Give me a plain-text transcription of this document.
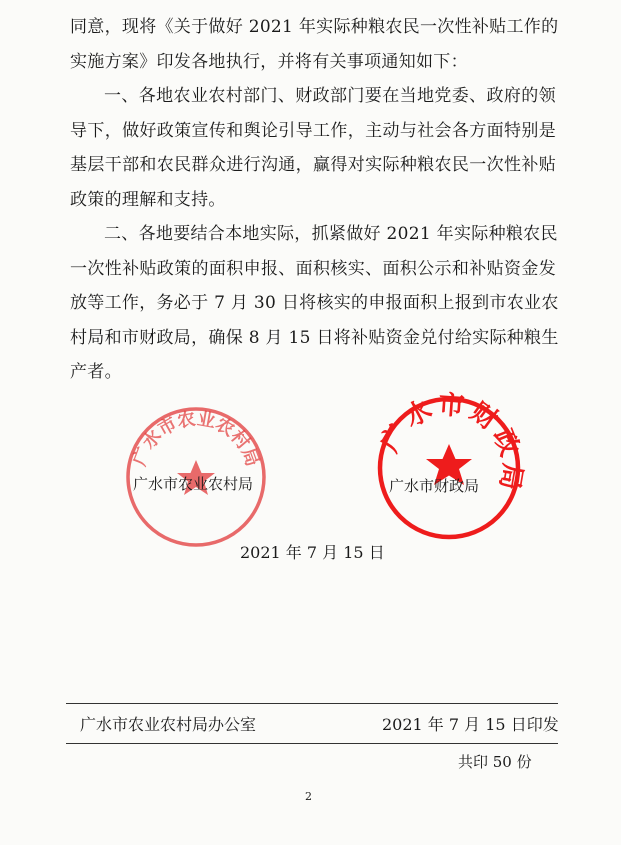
同意，现将《关于做好 2021 年实际种粮农民一次性补贴工作的
实施方案》印发各地执行，并将有关事项通知如下：
一、各地农业农村部门、财政部门要在当地党委、政府的领
导下，做好政策宣传和舆论引导工作，主动与社会各方面特别是
基层干部和农民群众进行沟通，赢得对实际种粮农民一次性补贴
政策的理解和支持。
二、各地要结合本地实际，抓紧做好 2021 年实际种粮农民
一次性补贴政策的面积申报、面积核实、面积公示和补贴资金发
放等工作，务必于 7 月 30 日将核实的申报面积上报到市农业农
村局和市财政局，确保 8 月 15 日将补贴资金兑付给实际种粮生
产者。
广水市农业农村局
广水市农业农村局
广水市财政局
广水市财政局
2021 年 7 月 15 日
广水市农业农村局办公室	2021 年 7 月 15 日印发
共印 50 份
2
